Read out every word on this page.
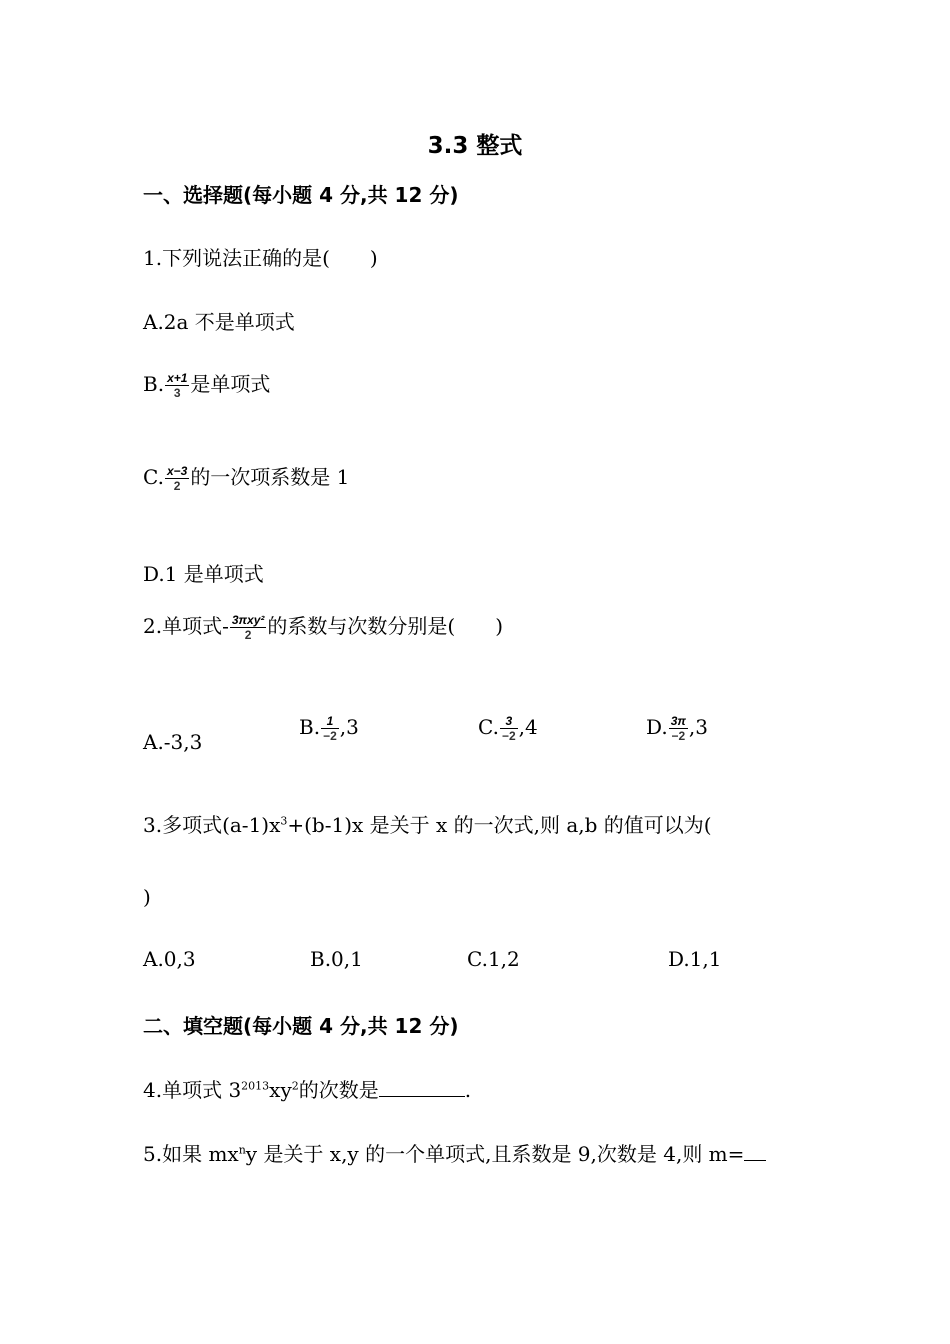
3.3 整式
一、选择题(每小题 4 分,共 12 分)
1.下列说法正确的是(　　)
A.2a 不是单项式
B. $\frac{x+1}{3}$ 是单项式
C. $\frac{x-3}{2}$ 的一次项系数是 1
D.1 是单项式
2.单项式- $\frac{\text{3πxy²}}{2}$ 的系数与次数分别是(　　)
A.-3,3
B. $\frac{1}{-2} ,3$	C. $\frac{3}{-2} ,4$	D. $\frac{3\pi}{-2} ,3$
3.多项式$(a-1)x^3+(b-1)x$ 是关于 x 的一次式,则 a,b 的值可以为(
)
A.0,3	B.0,1	C.1,2	D.1,1
二、填空题(每小题 4 分,共 12 分)
4.单项式 $3^{2013}xy^2$的次数是	.
5.如果 $mx^ny$ 是关于 x,y 的一个单项式,且系数是 9,次数是 4,则 m=
